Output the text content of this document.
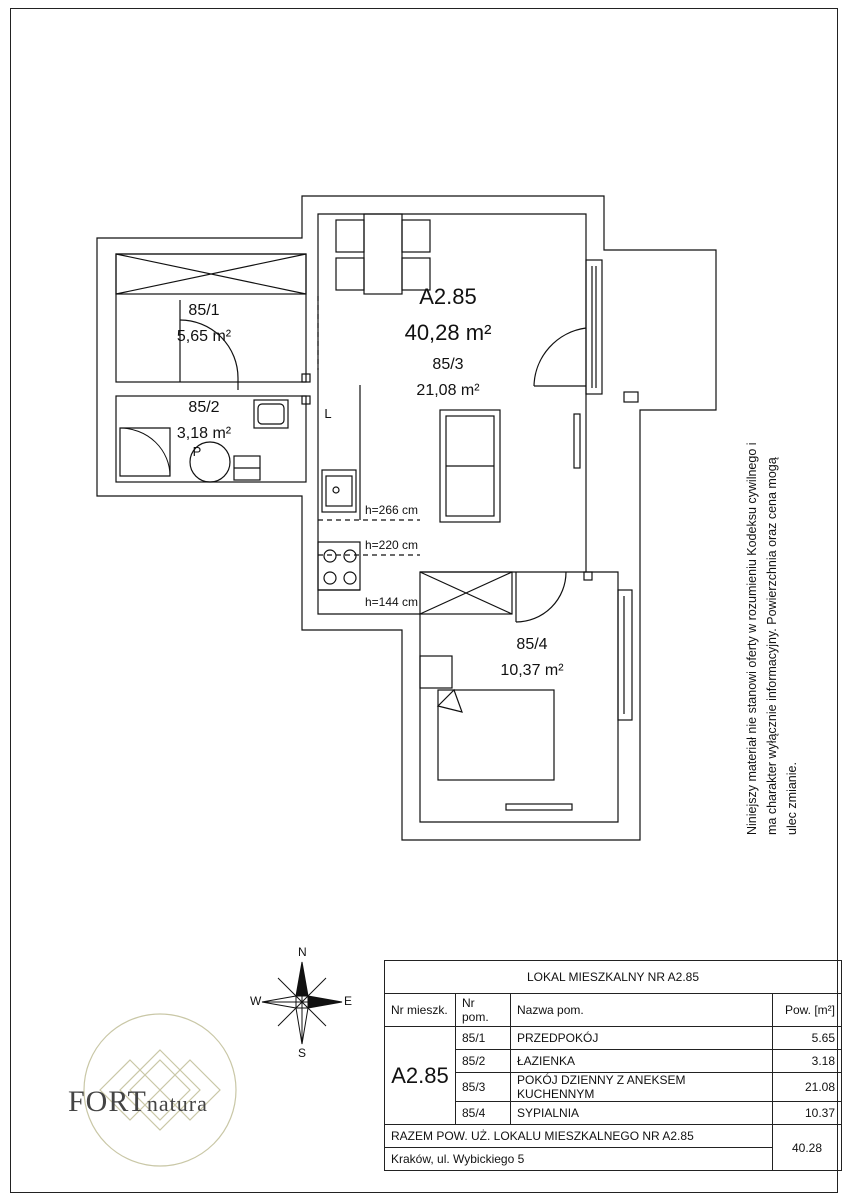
85/1
5,65 m²
85/2
3,18 m²
P
L
A2.85
40,28 m²
85/3
21,08 m²
85/4
10,37 m²
h=266 cm
h=220 cm
h=144 cm	Niniejszy materiał nie stanowi oferty w rozumieniu Kodeksu cywilnego i ma charakter wyłącznie informacyjny. Powierzchnia oraz cena mogą ulec zmianie.
N
S
E
W
FORTnatura
LOKAL MIESZKALNY NR A2.85			
Nr mieszk.	Nr pom.	Nazwa pom.	Pow. [m²]
A2.85	85/1	PRZEDPOKÓJ	5.65
	85/2	ŁAZIENKA	3.18
	85/3	POKÓJ DZIENNY Z ANEKSEM KUCHENNYM	21.08
	85/4	SYPIALNIA	10.37
RAZEM POW. UŻ. LOKALU MIESZKALNEGO NR A2.85			40.28
Kraków, ul. Wybickiego 5			
